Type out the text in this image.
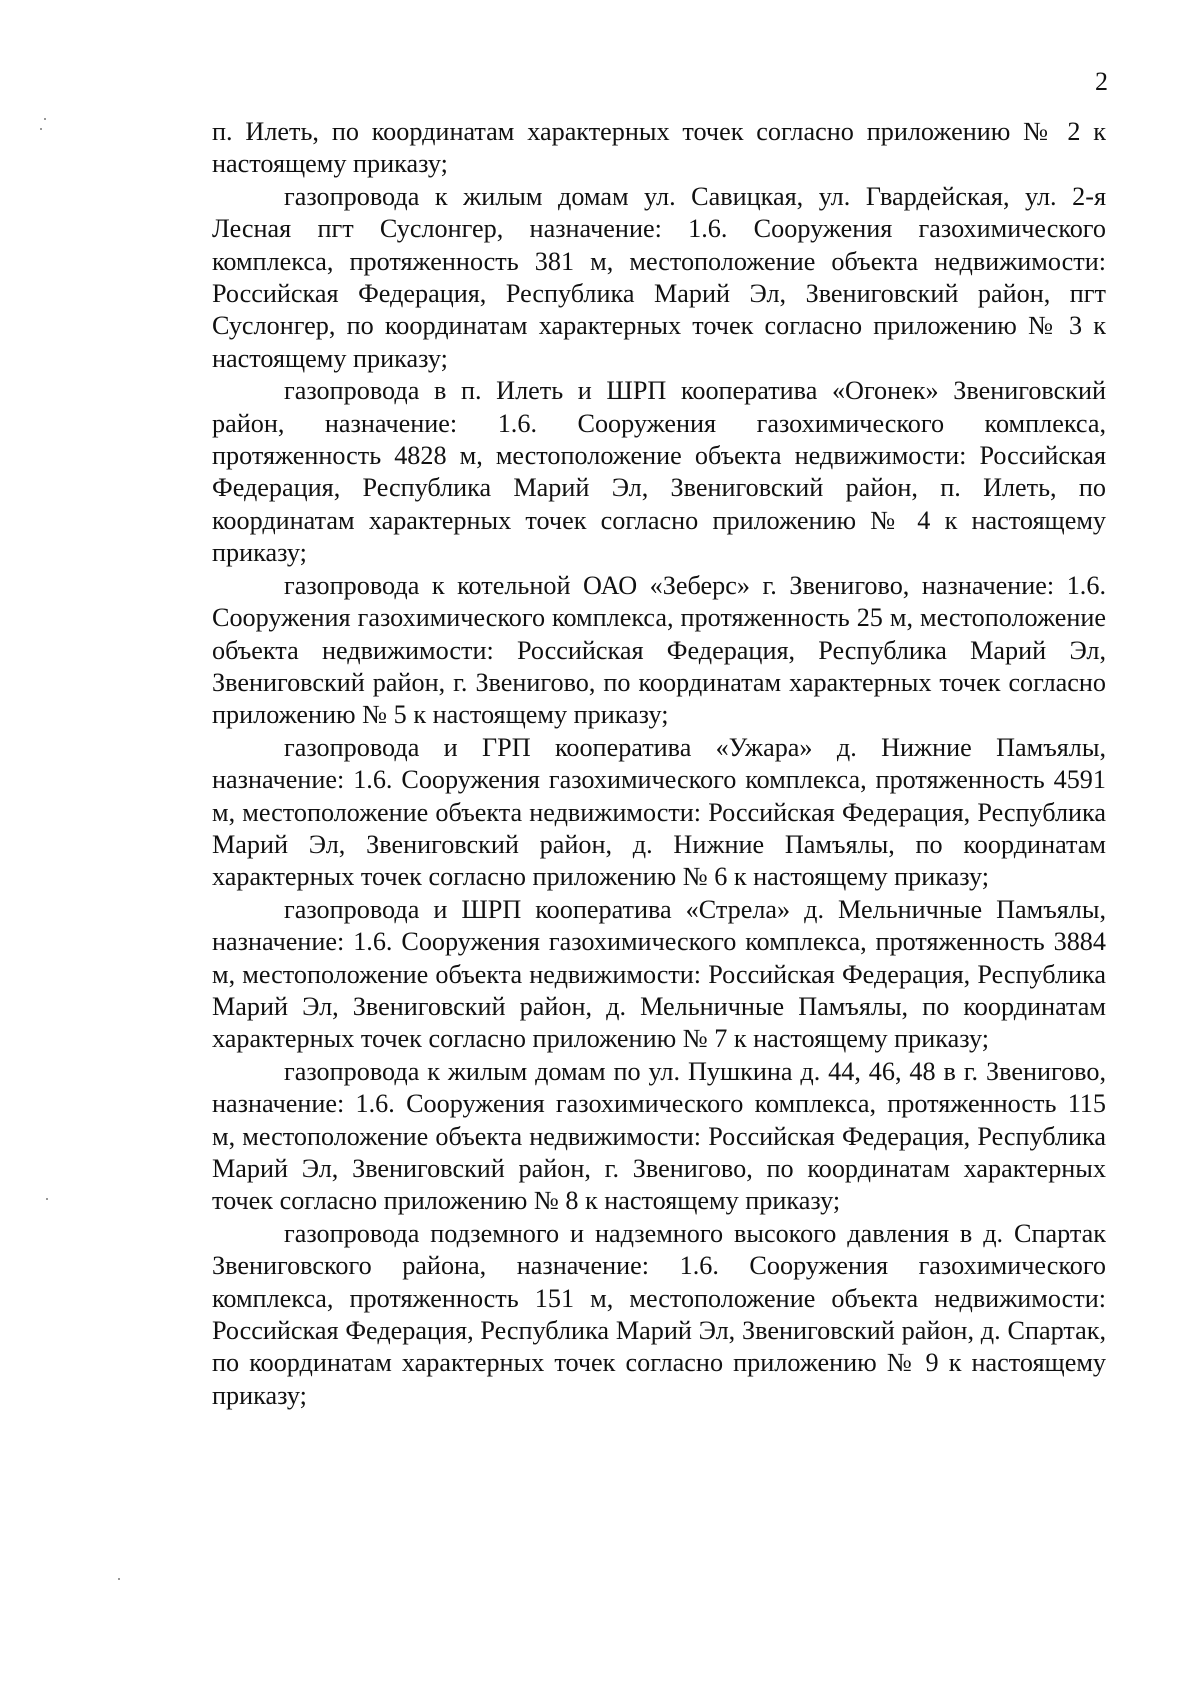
2

п. Илеть, по координатам характерных точек согласно приложению № 2 к настоящему приказу;

газопровода к жилым домам ул. Савицкая, ул. Гвардейская, ул. 2-я Лесная пгт Суслонгер, назначение: 1.6. Сооружения газохимического комплекса, протяженность 381 м, местоположение объекта недвижимости: Российская Федерация, Республика Марий Эл, Звениговский район, пгт Суслонгер, по координатам характерных точек согласно приложению № 3 к настоящему приказу;

газопровода в п. Илеть и ШРП кооператива «Огонек» Звениговский район, назначение: 1.6. Сооружения газохимического комплекса, протяженность 4828 м, местоположение объекта недвижимости: Российская Федерация, Республика Марий Эл, Звениговский район, п. Илеть, по координатам характерных точек согласно приложению № 4 к настоящему приказу;

газопровода к котельной ОАО «Зеберс» г. Звенигово, назначение: 1.6. Сооружения газохимического комплекса, протяженность 25 м, местоположение объекта недвижимости: Российская Федерация, Республика Марий Эл, Звениговский район, г. Звенигово, по координатам характерных точек согласно приложению № 5 к настоящему приказу;

газопровода и ГРП кооператива «Ужара» д. Нижние Памъялы, назначение: 1.6. Сооружения газохимического комплекса, протяженность 4591 м, местоположение объекта недвижимости: Российская Федерация, Республика Марий Эл, Звениговский район, д. Нижние Памъялы, по координатам характерных точек согласно приложению № 6 к настоящему приказу;

газопровода и ШРП кооператива «Стрела» д. Мельничные Памъялы, назначение: 1.6. Сооружения газохимического комплекса, протяженность 3884 м, местоположение объекта недвижимости: Российская Федерация, Республика Марий Эл, Звениговский район, д. Мельничные Памъялы, по координатам характерных точек согласно приложению № 7 к настоящему приказу;

газопровода к жилым домам по ул. Пушкина д. 44, 46, 48 в г. Звенигово, назначение: 1.6. Сооружения газохимического комплекса, протяженность 115 м, местоположение объекта недвижимости: Российская Федерация, Республика Марий Эл, Звениговский район, г. Звенигово, по координатам характерных точек согласно приложению № 8 к настоящему приказу;

газопровода подземного и надземного высокого давления в д. Спартак Звениговского района, назначение: 1.6. Сооружения газохимического комплекса, протяженность 151 м, местоположение объекта недвижимости: Российская Федерация, Республика Марий Эл, Звениговский район, д. Спартак, по координатам характерных точек согласно приложению № 9 к настоящему приказу;
